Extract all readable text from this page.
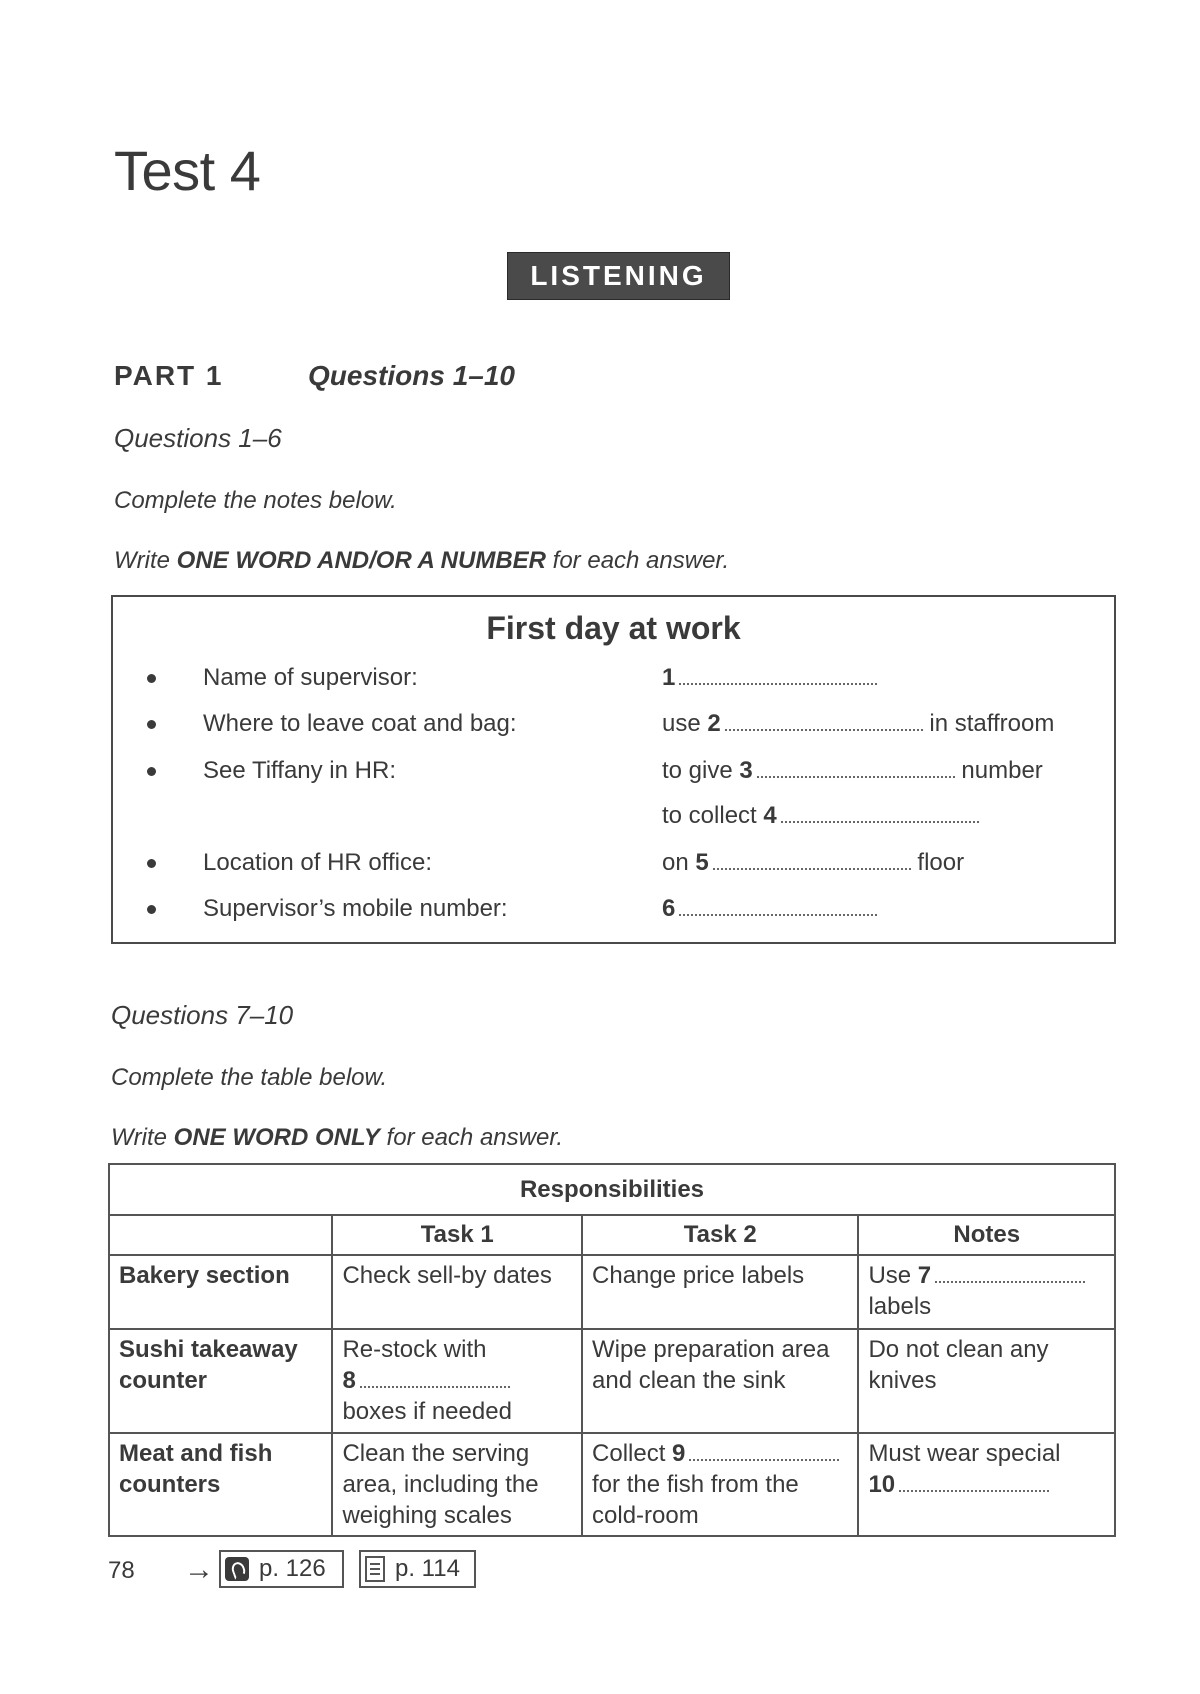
Test 4
LISTENING
PART 1	Questions 1–10
Questions 1–6
Complete the notes below.
Write ONE WORD AND/OR A NUMBER for each answer.
First day at work
Name of supervisor:	1
Where to leave coat and bag:	use 2	in staffroom
See Tiffany in HR:	to give 3	number
to collect 4
Location of HR office:	on 5	floor
Supervisor’s mobile number:	6
Questions 7–10
Complete the table below.
Write ONE WORD ONLY for each answer.
Responsibilities			
	Task 1	Task 2	Notes
Bakery section	Check sell-by dates	Change price labels	Use 7
labels
Sushi takeaway counter	Re-stock with
8
boxes if needed	Wipe preparation area and clean the sink	Do not clean any knives
Meat and fish counters	Clean the serving area, including the weighing scales	Collect 9
for the fish from the cold-room	Must wear special
10
78 → p. 126	p. 114
